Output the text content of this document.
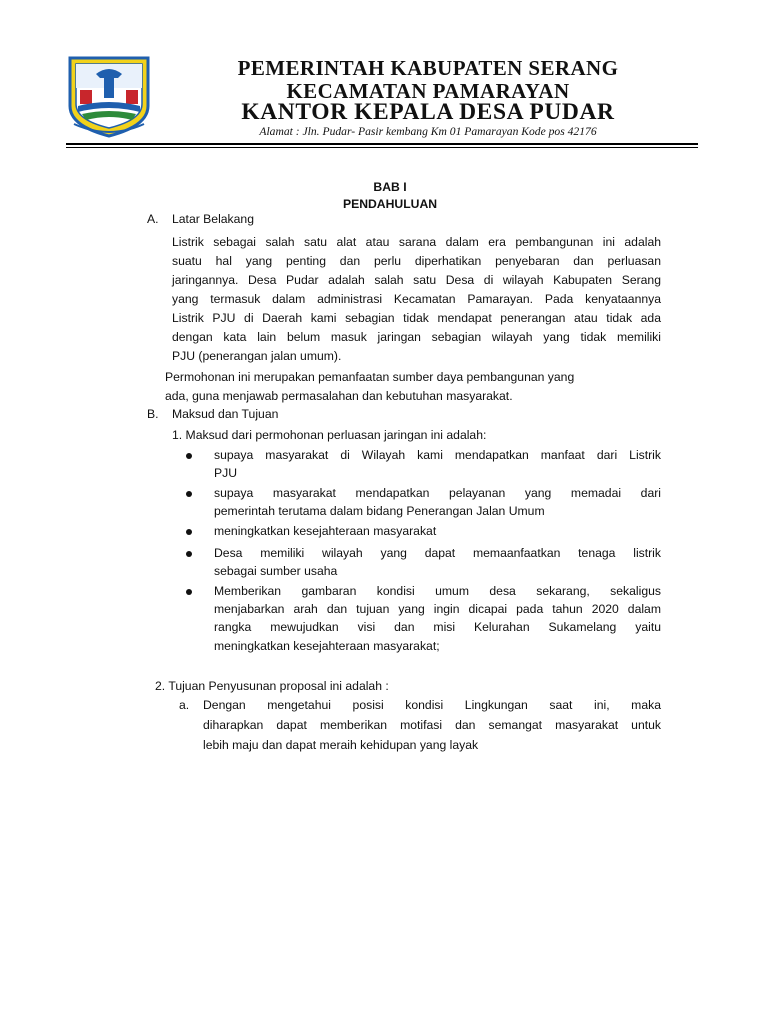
PEMERINTAH KABUPATEN SERANG
KECAMATAN PAMARAYAN
KANTOR KEPALA DESA PUDAR
Alamat : Jln. Pudar- Pasir kembang Km 01 Pamarayan Kode pos 42176
BAB I
PENDAHULUAN
A. Latar Belakang
Listrik sebagai salah satu alat atau sarana dalam era pembangunan ini adalah
suatu hal yang penting dan perlu diperhatikan penyebaran dan perluasan
jaringannya. Desa Pudar adalah salah satu Desa di wilayah Kabupaten Serang
yang termasuk dalam administrasi Kecamatan Pamarayan. Pada kenyataannya
Listrik PJU di Daerah kami sebagian tidak mendapat penerangan atau tidak ada
dengan kata lain belum masuk jaringan sebagian wilayah yang tidak memiliki
PJU (penerangan jalan umum).
Permohonan ini merupakan pemanfaatan sumber daya pembangunan yang
ada, guna menjawab permasalahan dan kebutuhan masyarakat.
B. Maksud dan Tujuan
1. Maksud dari permohonan perluasan jaringan ini adalah:
supaya masyarakat di Wilayah kami mendapatkan manfaat dari Listrik
PJU
supaya masyarakat mendapatkan pelayanan yang memadai dari
pemerintah terutama dalam bidang Penerangan Jalan Umum
meningkatkan kesejahteraan masyarakat
Desa memiliki wilayah yang dapat memaanfaatkan tenaga listrik
sebagai sumber usaha
Memberikan gambaran kondisi umum desa sekarang, sekaligus
menjabarkan arah dan tujuan yang ingin dicapai pada tahun 2020 dalam
rangka mewujudkan visi dan misi Kelurahan Sukamelang yaitu
meningkatkan kesejahteraan masyarakat;
2. Tujuan Penyusunan proposal ini adalah :
a. Dengan mengetahui posisi kondisi Lingkungan saat ini, maka
diharapkan dapat memberikan motifasi dan semangat masyarakat untuk
lebih maju dan dapat meraih kehidupan yang layak
